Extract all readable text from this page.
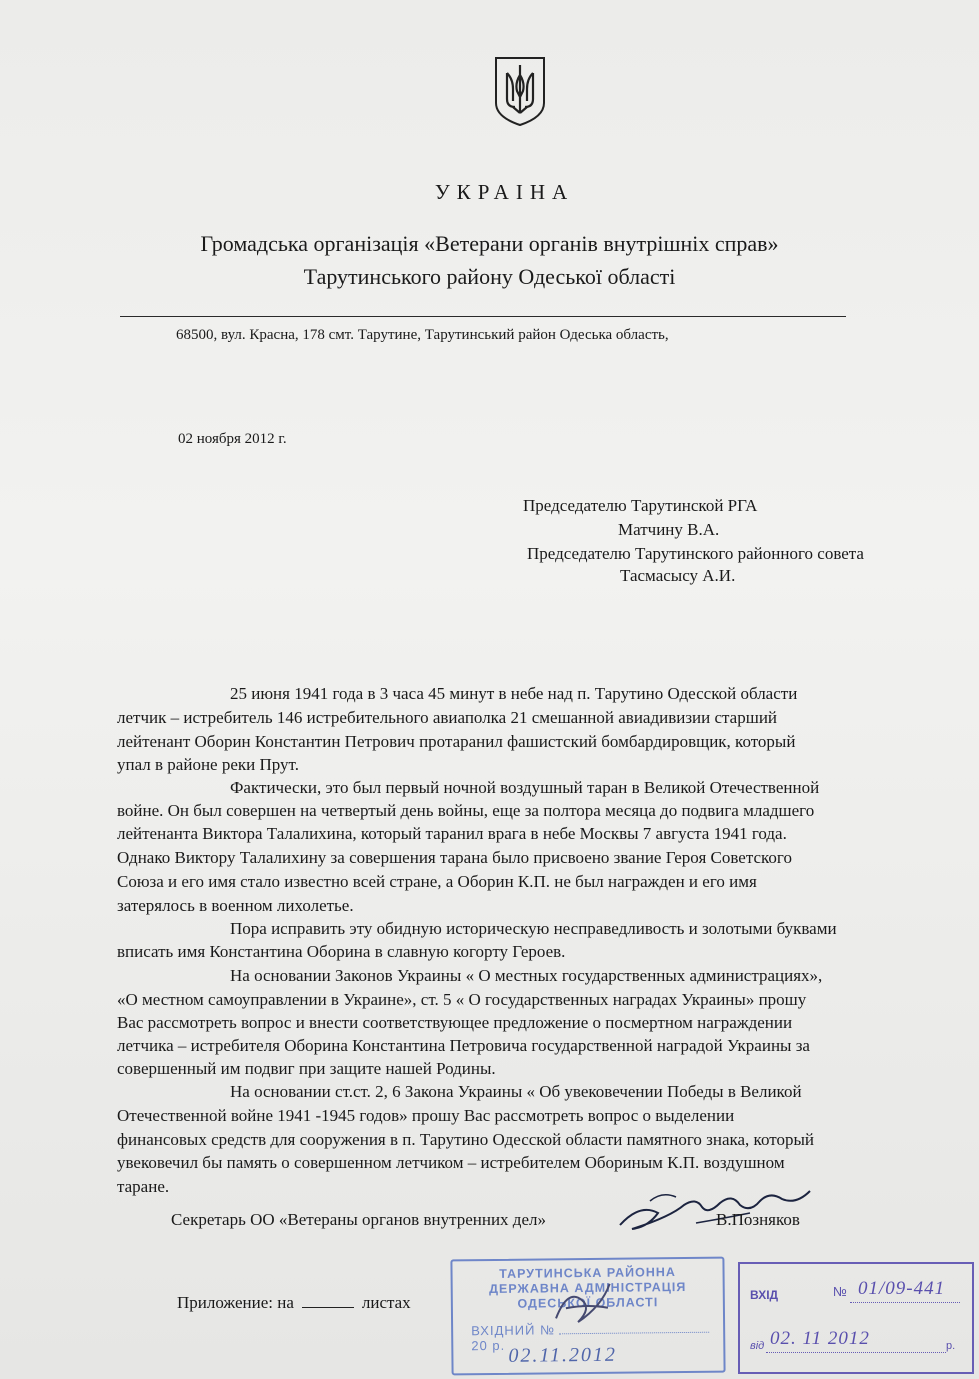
УКРАІНА
Громадська організація «Ветерани органів внутрішніх справ»
Тарутинського району Одеської області
68500, вул. Красна, 178 смт. Тарутине, Тарутинський район Одеська область,
02 ноября 2012 г.
Председателю Тарутинской РГА
Матчину В.А.
Председателю Тарутинского районного совета
Тасмасысу А.И.
25 июня 1941 года в 3 часа 45 минут в небе над п. Тарутино Одесской области
летчик – истребитель 146 истребительного авиаполка 21 смешанной авиадивизии старший
лейтенант Оборин Константин Петрович протаранил фашистский бомбардировщик, который
упал в районе реки Прут.
Фактически, это был первый ночной воздушный таран в Великой Отечественной
войне. Он был совершен на четвертый день войны, еще за полтора месяца до подвига младшего
лейтенанта Виктора Талалихина, который таранил врага в небе Москвы 7 августа 1941 года.
Однако Виктору Талалихину за совершения тарана было присвоено звание Героя Советского
Союза и его имя стало известно всей стране, а Оборин К.П. не был награжден и его имя
затерялось в военном лихолетье.
Пора исправить эту обидную историческую несправедливость и золотыми буквами
вписать имя Константина Оборина в славную когорту Героев.
На основании Законов Украины « О местных государственных администрациях»,
«О местном самоуправлении в Украине», ст. 5 « О государственных наградах Украины» прошу
Вас рассмотреть вопрос и внести соответствующее предложение о посмертном награждении
летчика – истребителя Оборина Константина Петровича государственной наградой Украины за
совершенный им подвиг при защите нашей Родины.
На основании ст.ст. 2, 6 Закона Украины « Об увековечении Победы в Великой
Отечественной войне 1941 -1945 годов» прошу Вас рассмотреть вопрос о выделении
финансовых средств для сооружения в п. Тарутино Одесской области памятного знака, который
увековечил бы память о совершенном летчиком – истребителем Обориным К.П. воздушном
таране.
Секретарь ОО «Ветераны органов внутренних дел»	В.Позняков
Приложение: на	листах
ТАРУТИНСЬКА РАЙОННА
ДЕРЖАВНА АДМІНІСТРАЦІЯ
ОДЕСЬКОЇ ОБЛАСТІ
ВХІДНИЙ № 20 р. 02.11.2012
ВХІД	№ 01/09-441
від 02. 11 2012	р.
